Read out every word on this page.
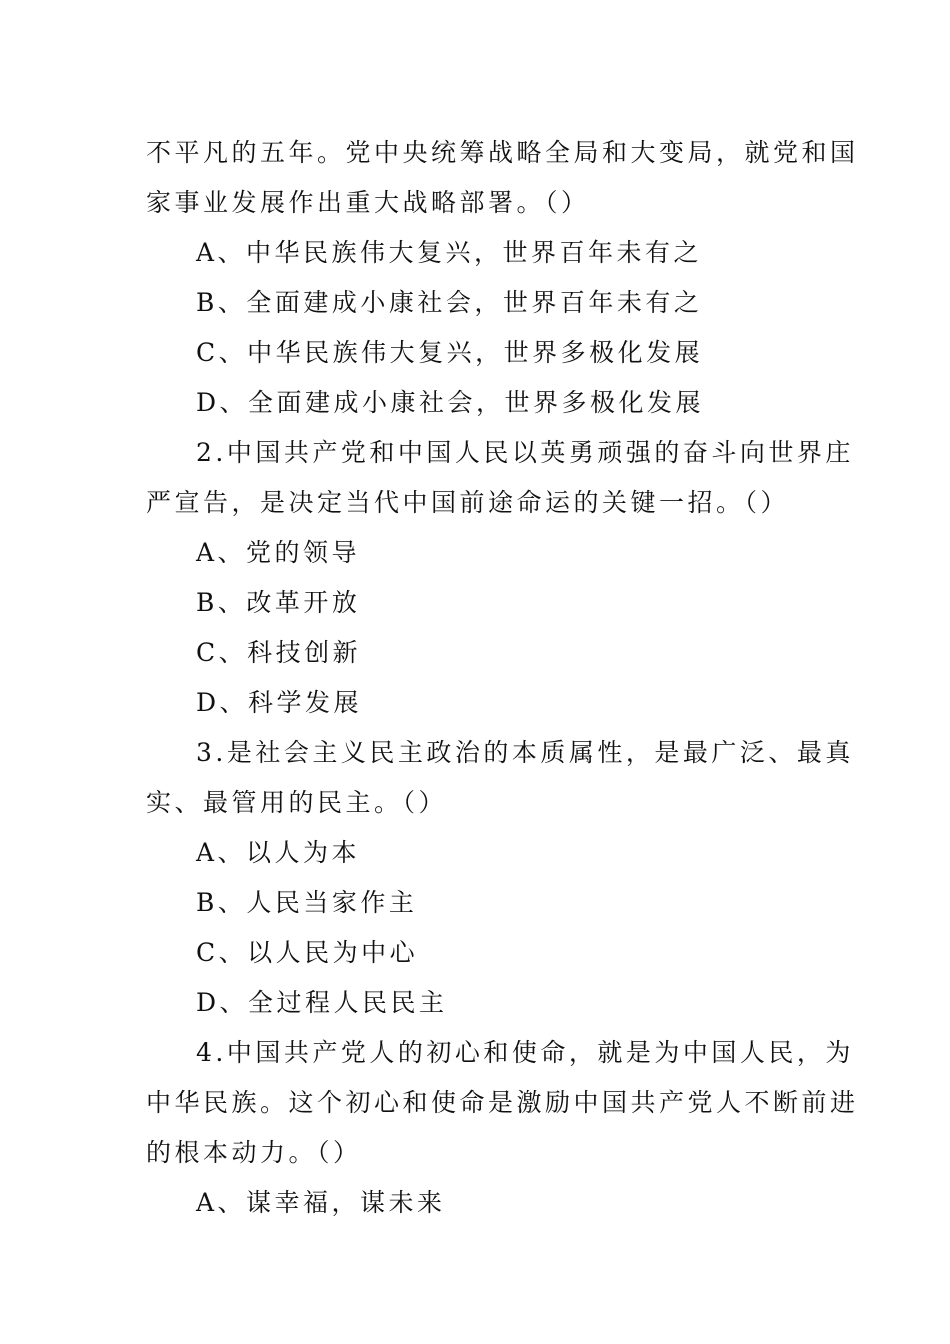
不平凡的五年。党中央统筹战略全局和大变局，就党和国
家事业发展作出重大战略部署。（）
A、中华民族伟大复兴，世界百年未有之
B、全面建成小康社会，世界百年未有之
C、中华民族伟大复兴，世界多极化发展
D、全面建成小康社会，世界多极化发展
2.中国共产党和中国人民以英勇顽强的奋斗向世界庄
严宣告，是决定当代中国前途命运的关键一招。（）
A、党的领导
B、改革开放
C、科技创新
D、科学发展
3.是社会主义民主政治的本质属性，是最广泛、最真
实、最管用的民主。（）
A、以人为本
B、人民当家作主
C、以人民为中心
D、全过程人民民主
4.中国共产党人的初心和使命，就是为中国人民，为
中华民族。这个初心和使命是激励中国共产党人不断前进
的根本动力。（）
A、谋幸福，谋未来
